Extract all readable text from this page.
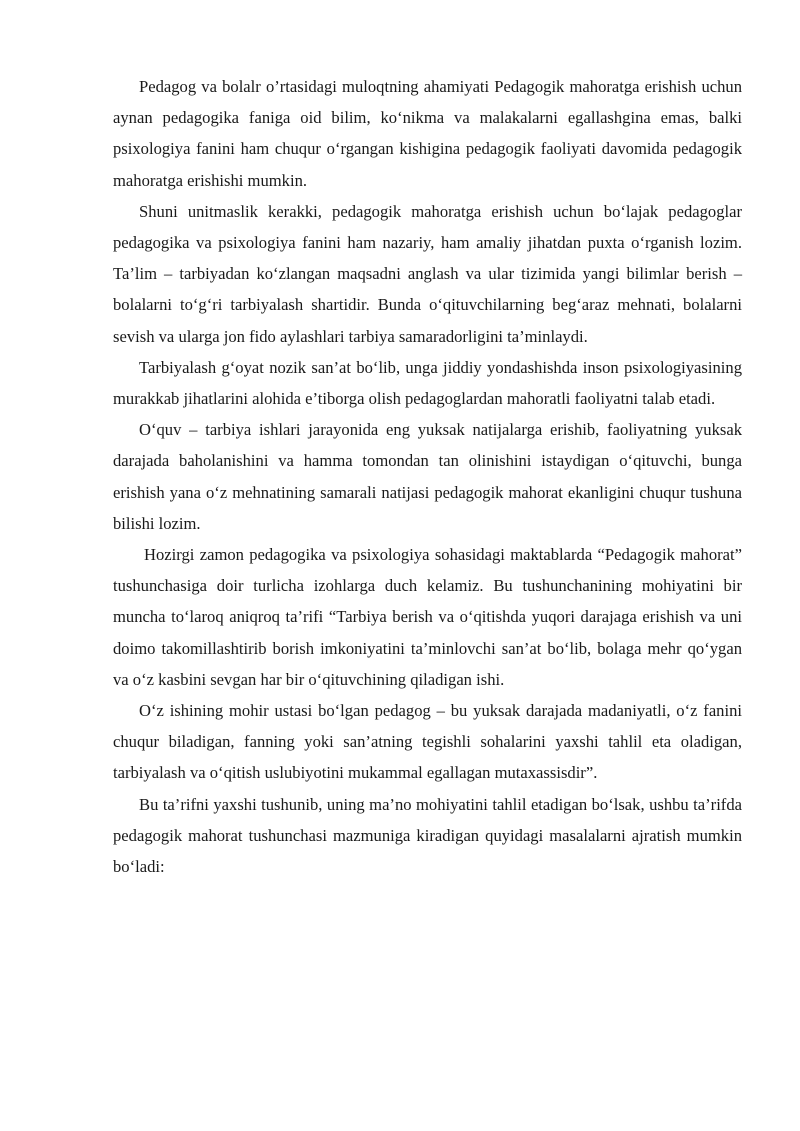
Pedagog va bolalr o’rtasidagi muloqtning ahamiyati Pedagogik mahoratga erishish uchun aynan pedagogika faniga oid bilim, ko‘nikma va malakalarni egallashgina emas, balki psixologiya fanini ham chuqur o‘rgangan kishigina pedagogik faoliyati davomida pedagogik mahoratga erishishi mumkin.

Shuni unitmaslik kerakki, pedagogik mahoratga erishish uchun bo‘lajak pedagoglar pedagogika va psixologiya fanini ham nazariy, ham amaliy jihatdan puxta o‘rganish lozim. Ta’lim – tarbiyadan ko‘zlangan maqsadni anglash va ular tizimida yangi bilimlar berish – bolalarni to‘g‘ri tarbiyalash shartidir. Bunda o‘qituvchilarning beg‘araz mehnati, bolalarni sevish va ularga jon fido aylashlari tarbiya samaradorligini ta’minlaydi.

Tarbiyalash g‘oyat nozik san’at bo‘lib, unga jiddiy yondashishda inson psixologiyasining murakkab jihatlarini alohida e’tiborga olish pedagoglardan mahoratli faoliyatni talab etadi.

O‘quv – tarbiya ishlari jarayonida eng yuksak natijalarga erishib, faoliyatning yuksak darajada baholanishini va hamma tomondan tan olinishini istaydigan o‘qituvchi, bunga erishish yana o‘z mehnatining samarali natijasi pedagogik mahorat ekanligini chuqur tushuna bilishi lozim.

Hozirgi zamon pedagogika va psixologiya sohasidagi maktablarda “Pedagogik mahorat” tushunchasiga doir turlicha izohlarga duch kelamiz. Bu tushunchanining mohiyatini bir muncha to‘laroq aniqroq ta’rifi “Tarbiya berish va o‘qitishda yuqori darajaga erishish va uni doimo takomillashtirib borish imkoniyatini ta’minlovchi san’at bo‘lib, bolaga mehr qo‘ygan va o‘z kasbini sevgan har bir o‘qituvchining qiladigan ishi.

O‘z ishining mohir ustasi bo‘lgan pedagog – bu yuksak darajada madaniyatli, o‘z fanini chuqur biladigan, fanning yoki san’atning tegishli sohalarini yaxshi tahlil eta oladigan, tarbiyalash va o‘qitish uslubiyotini mukammal egallagan mutaxassisdir”.

Bu ta’rifni yaxshi tushunib, uning ma’no mohiyatini tahlil etadigan bo‘lsak, ushbu ta’rifda pedagogik mahorat tushunchasi mazmuniga kiradigan quyidagi masalalarni ajratish mumkin bo‘ladi:
